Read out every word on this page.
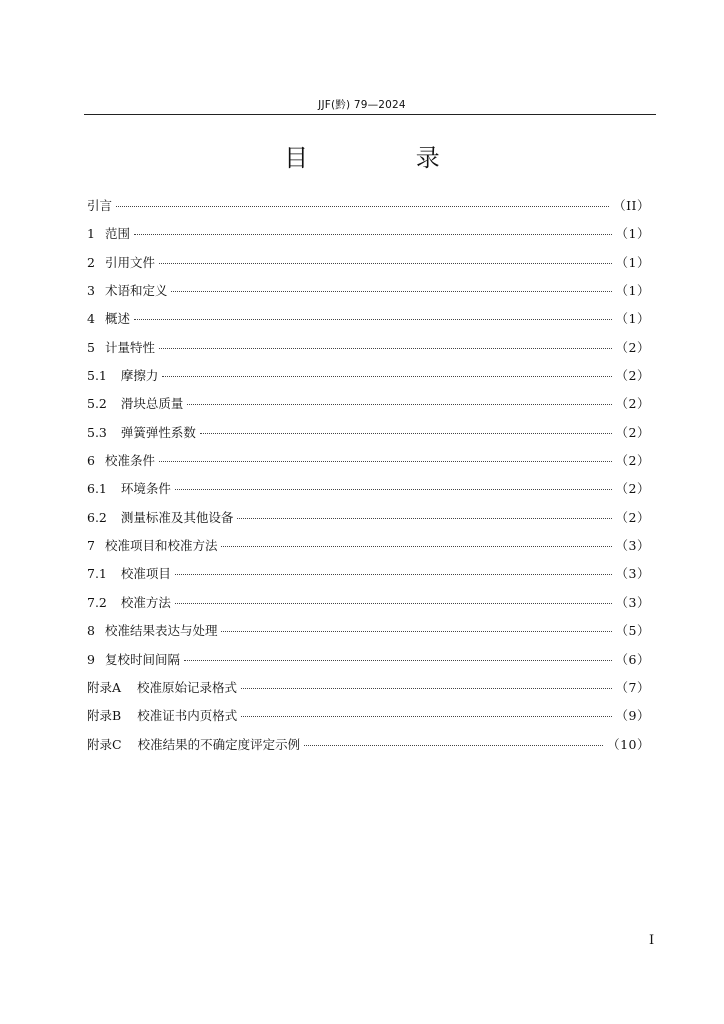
JJF(黔) 79—2024
目 录
引言	（II）
1 范围	（1）
2 引用文件	（1）
3 术语和定义	（1）
4 概述	（1）
5 计量特性	（2）
5.1 摩擦力	（2）
5.2 滑块总质量	（2）
5.3 弹簧弹性系数	（2）
6 校准条件	（2）
6.1 环境条件	（2）
6.2 测量标准及其他设备	（2）
7 校准项目和校准方法	（3）
7.1 校准项目	（3）
7.2 校准方法	（3）
8 校准结果表达与处理	（5）
9 复校时间间隔	（6）
附录A 校准原始记录格式	（7）
附录B 校准证书内页格式	（9）
附录C 校准结果的不确定度评定示例	（10）
I
